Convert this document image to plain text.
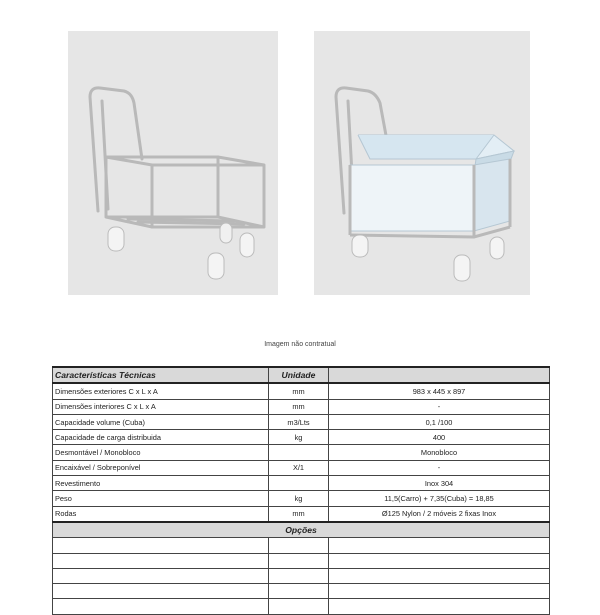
Imagem não contratual
Características Técnicas	Unidade	
Dimensões exteriores C x L x A	mm	983 x 445 x 897
Dimensões interiores C x L x A	mm	-
Capacidade volume (Cuba)	m3/Lts	0,1 /100
Capacidade de carga distribuida	kg	400
Desmontável / Monobloco		Monobloco
Encaixável / Sobreponível	X/1	-
Revestimento		Inox 304
Peso	kg	11,5(Carro) + 7,35(Cuba) = 18,85
Rodas	mm	Ø125 Nylon / 2 móveis 2 fixas Inox
Opções		
